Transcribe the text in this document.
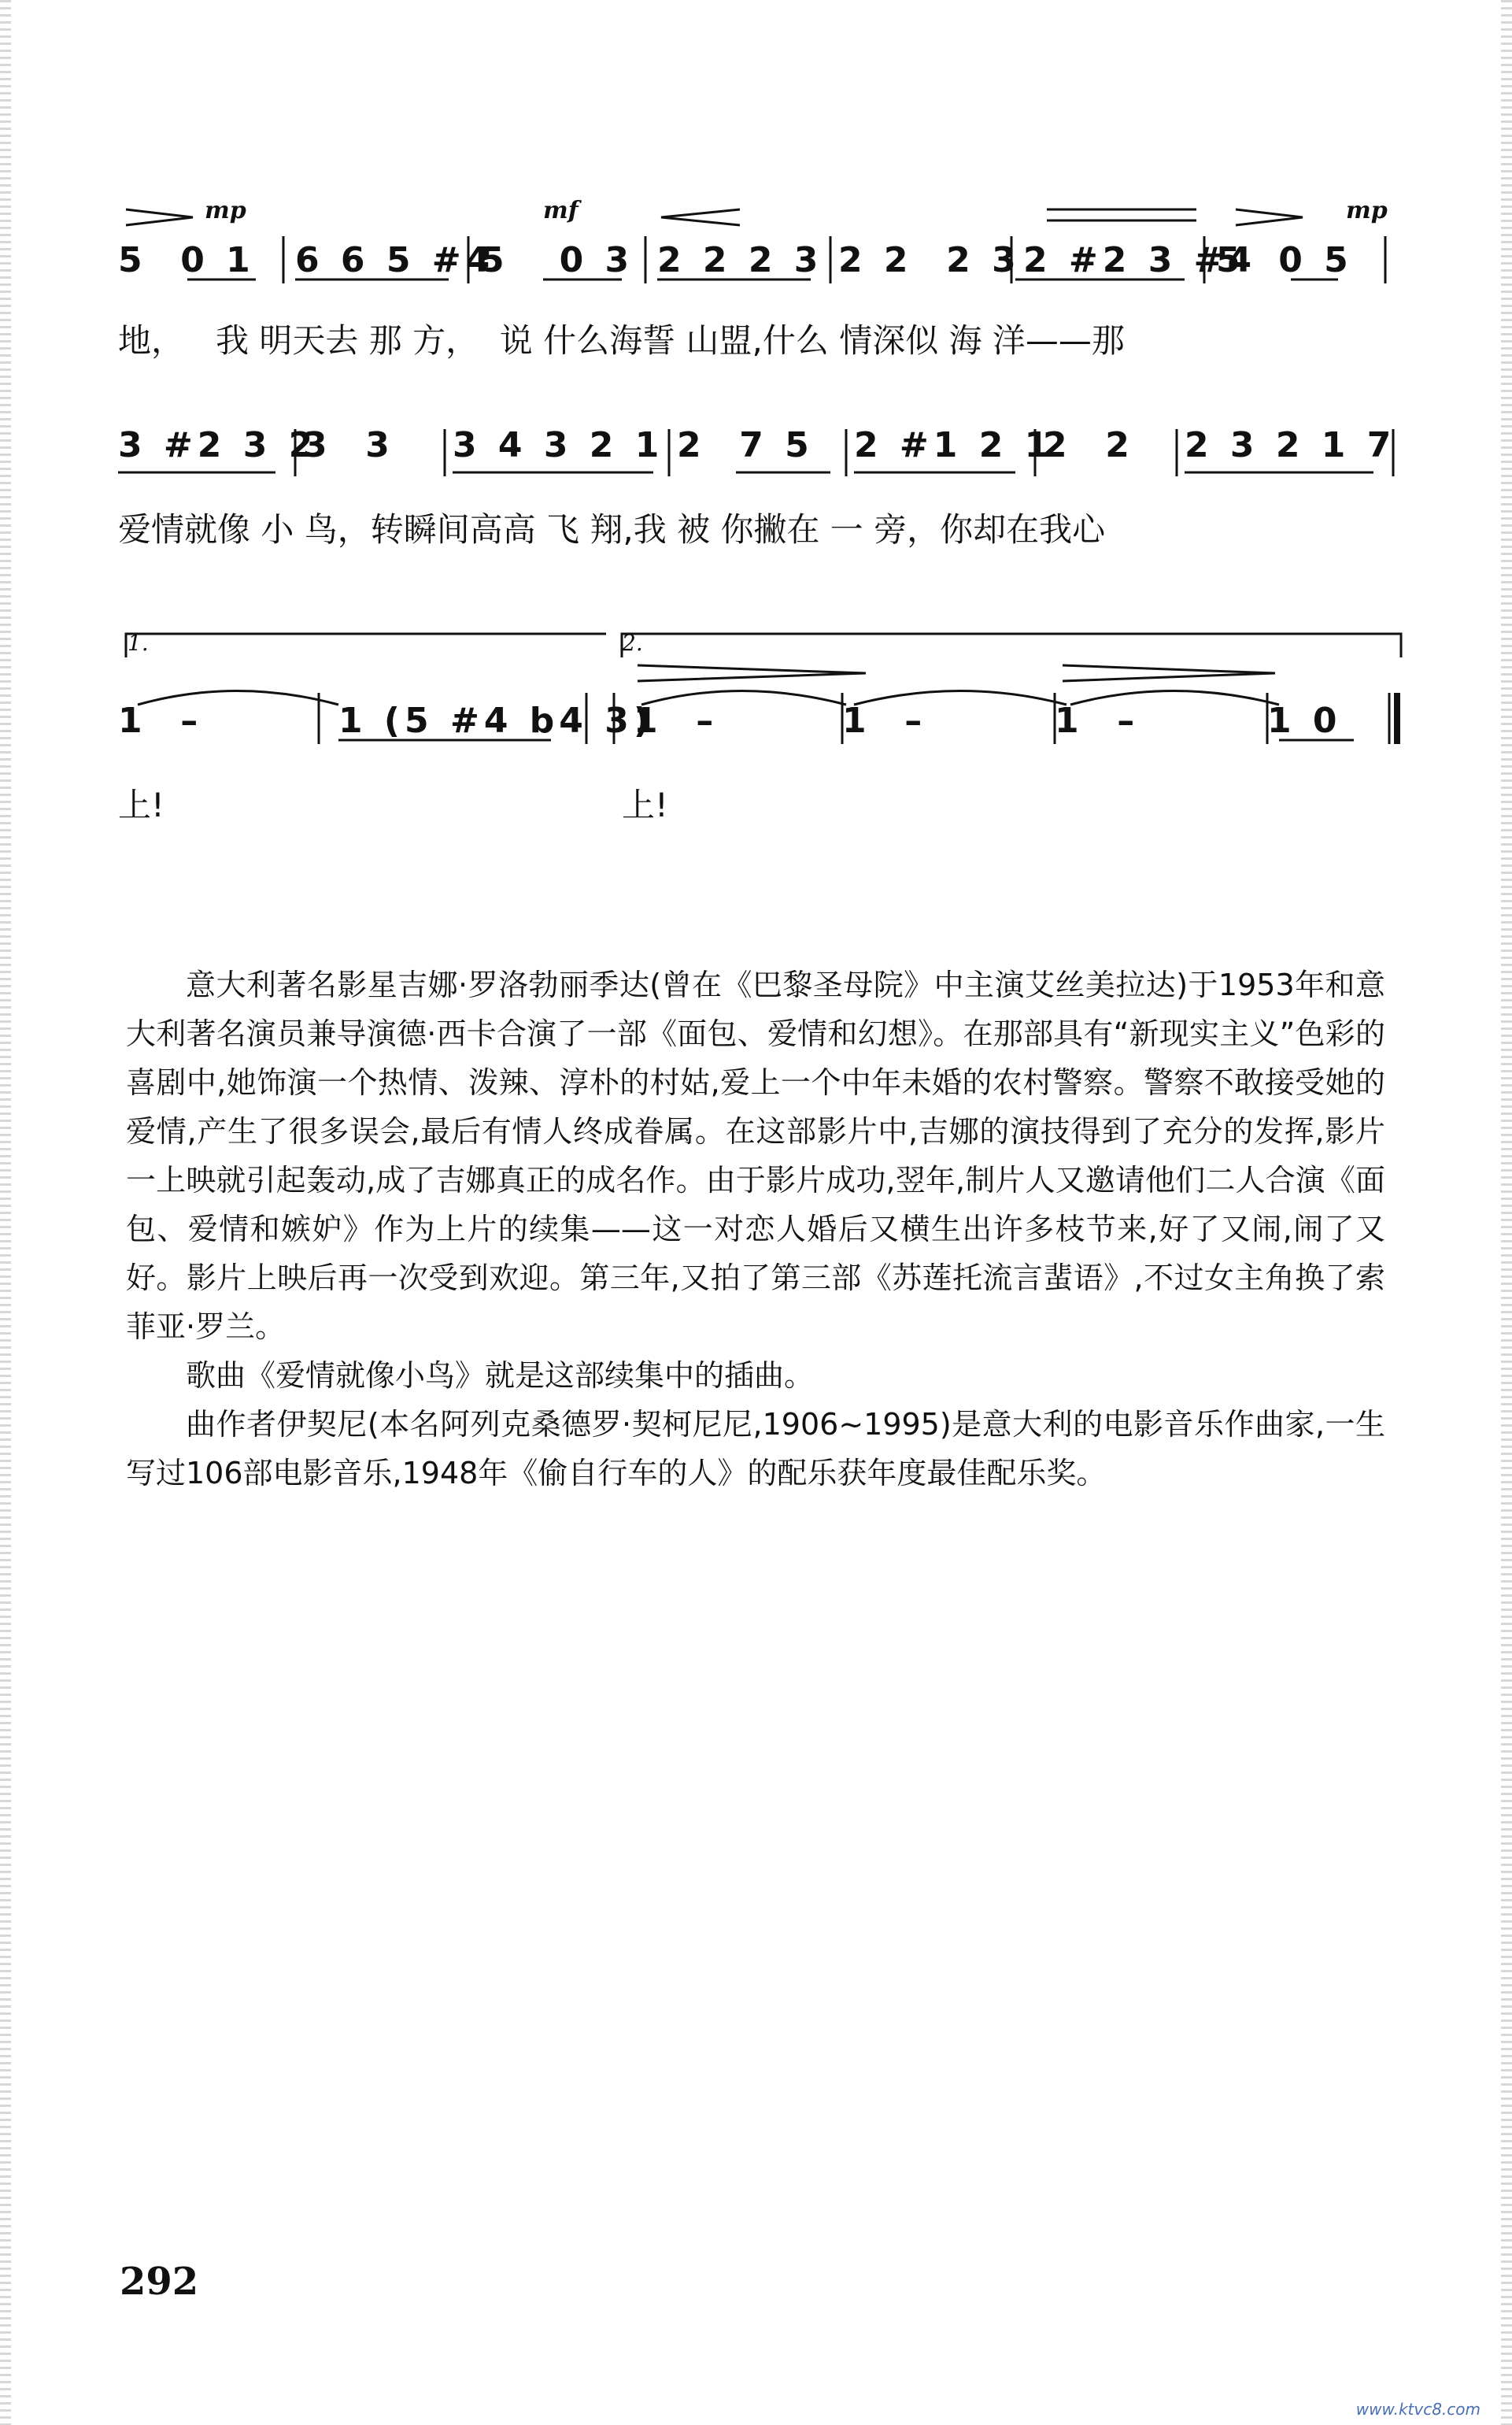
mp	mf	mp

5  0 1

6 6 5 #4

5   0 3

2 2 2 3

2 2  2 3

2 #2 3 #4

5  0 5

地，   我 明天去 那 方，  说 什么海誓 山盟,什么 情深似 海 洋——那

3 #2 3 2

3  3

3 4 3 2 1

2  7 5

2 #1 2 1

2  2

2 3 2 1 7

爱情就像 小 鸟，转瞬间高高 飞 翔,我 被 你撇在 一 旁，你却在我心

1.	2.

1  –

	1 (5 #4 b4 3)

1  –

	1  –

	1  –

	1 0

上!

	上!

意大利著名影星吉娜·罗洛勃丽季达(曾在《巴黎圣母院》中主演艾丝美拉达)于1953年和意大利著名演员兼导演德·西卡合演了一部《面包、爱情和幻想》。在那部具有“新现实主义”色彩的喜剧中,她饰演一个热情、泼辣、淳朴的村姑,爱上一个中年未婚的农村警察。警察不敢接受她的爱情,产生了很多误会,最后有情人终成眷属。在这部影片中,吉娜的演技得到了充分的发挥,影片一上映就引起轰动,成了吉娜真正的成名作。由于影片成功,翌年,制片人又邀请他们二人合演《面包、爱情和嫉妒》作为上片的续集——这一对恋人婚后又横生出许多枝节来,好了又闹,闹了又好。影片上映后再一次受到欢迎。第三年,又拍了第三部《苏莲托流言蜚语》,不过女主角换了索菲亚·罗兰。

歌曲《爱情就像小鸟》就是这部续集中的插曲。

曲作者伊契尼(本名阿列克桑德罗·契柯尼尼,1906~1995)是意大利的电影音乐作曲家,一生写过106部电影音乐,1948年《偷自行车的人》的配乐获年度最佳配乐奖。

292
www.ktvc8.com
